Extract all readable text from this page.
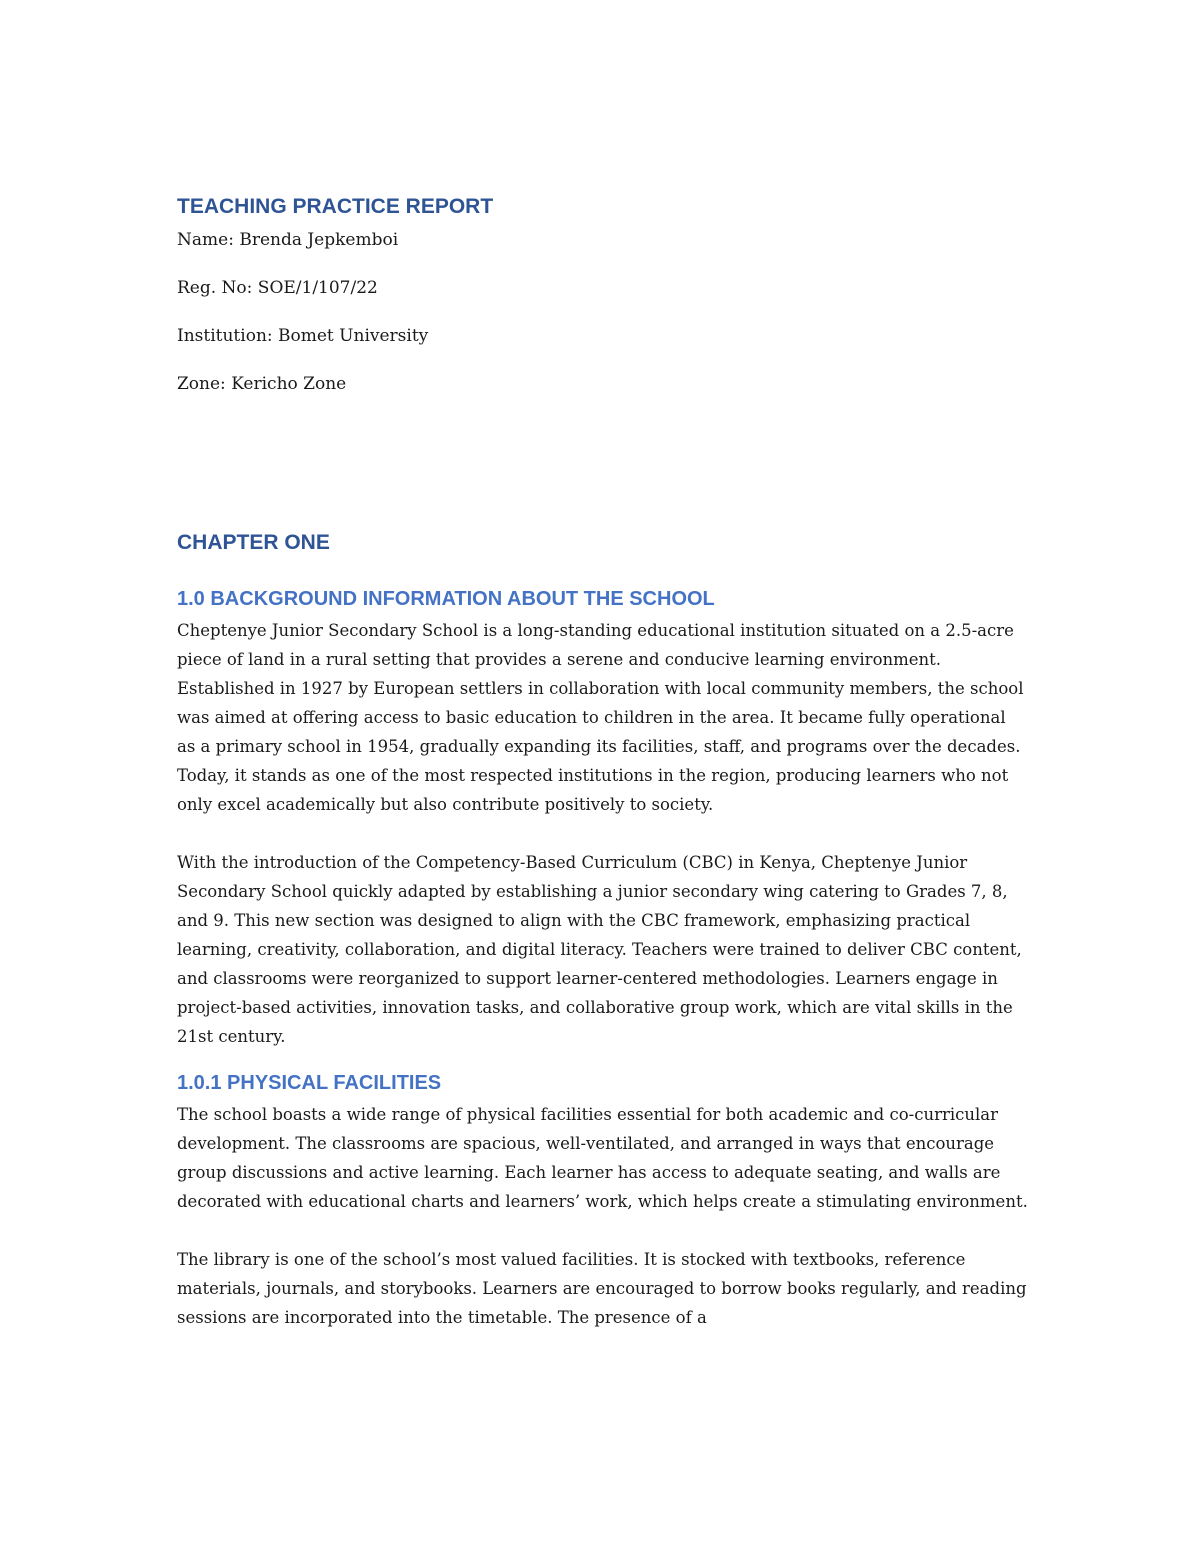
TEACHING PRACTICE REPORT

Name: Brenda Jepkemboi

Reg. No: SOE/1/107/22

Institution: Bomet University

Zone: Kericho Zone

CHAPTER ONE
1.0 BACKGROUND INFORMATION ABOUT THE SCHOOL

Cheptenye Junior Secondary School is a long-standing educational institution situated on a 2.5-acre piece of land in a rural setting that provides a serene and conducive learning environment. Established in 1927 by European settlers in collaboration with local community members, the school was aimed at offering access to basic education to children in the area. It became fully operational as a primary school in 1954, gradually expanding its facilities, staff, and programs over the decades. Today, it stands as one of the most respected institutions in the region, producing learners who not only excel academically but also contribute positively to society.

With the introduction of the Competency-Based Curriculum (CBC) in Kenya, Cheptenye Junior Secondary School quickly adapted by establishing a junior secondary wing catering to Grades 7, 8, and 9. This new section was designed to align with the CBC framework, emphasizing practical learning, creativity, collaboration, and digital literacy. Teachers were trained to deliver CBC content, and classrooms were reorganized to support learner-centered methodologies. Learners engage in project-based activities, innovation tasks, and collaborative group work, which are vital skills in the 21st century.

1.0.1 PHYSICAL FACILITIES

The school boasts a wide range of physical facilities essential for both academic and co-curricular development. The classrooms are spacious, well-ventilated, and arranged in ways that encourage group discussions and active learning. Each learner has access to adequate seating, and walls are decorated with educational charts and learners’ work, which helps create a stimulating environment.

The library is one of the school’s most valued facilities. It is stocked with textbooks, reference materials, journals, and storybooks. Learners are encouraged to borrow books regularly, and reading sessions are incorporated into the timetable. The presence of a
